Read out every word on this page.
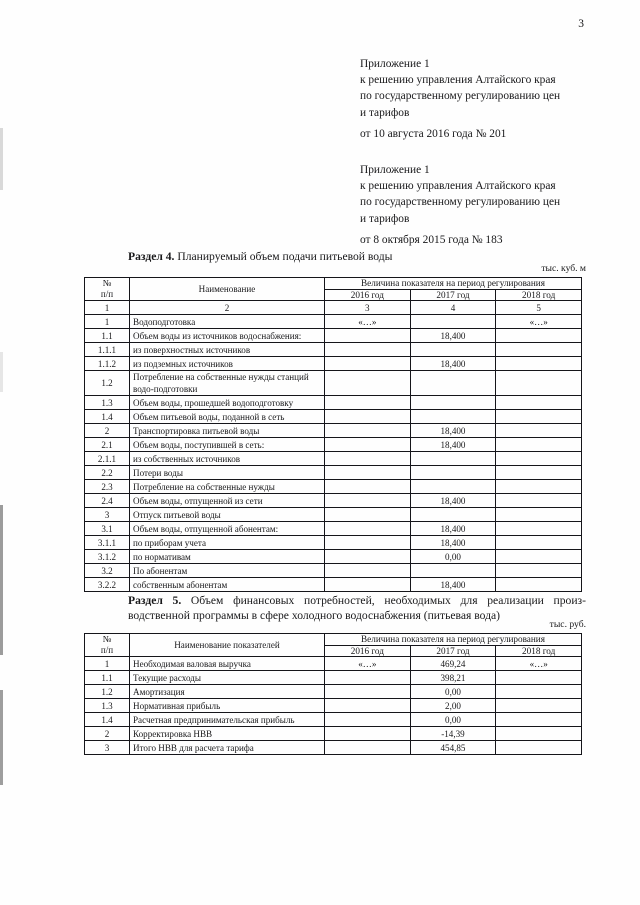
3
Приложение 1
к решению управления Алтайского края
по государственному регулированию цен
и тарифов
от 10 августа 2016 года № 201
Приложение 1
к решению управления Алтайского края
по государственному регулированию цен
и тарифов
от 8 октября 2015 года № 183
Раздел 4. Планируемый объем подачи питьевой воды
тыс. куб. м
№
п/п	Наименование	Величина показателя на период регулирования		
		2016 год	2017 год	2018 год
1	2	3	4	5
1	Водоподготовка	«…»		«…»
1.1	Объем воды из источников водоснабжения:		18,400	
1.1.1	из поверхностных источников			
1.1.2	из подземных источников		18,400	
1.2	Потребление на собственные нужды станций водо-подготовки			
1.3	Объем воды, прошедшей водоподготовку			
1.4	Объем питьевой воды, поданной в сеть			
2	Транспортировка питьевой воды		18,400	
2.1	Объем воды, поступившей в сеть:		18,400	
2.1.1	из собственных источников			
2.2	Потери воды			
2.3	Потребление на собственные нужды			
2.4	Объем воды, отпущенной из сети		18,400	
3	Отпуск питьевой воды			
3.1	Объем воды, отпущенной абонентам:		18,400	
3.1.1	по приборам учета		18,400	
3.1.2	по нормативам		0,00	
3.2	По абонентам			
3.2.2	собственным абонентам		18,400	
Раздел 5. Объем финансовых потребностей, необходимых для реализации произ-водственной программы в сфере холодного водоснабжения (питьевая вода)
тыс. руб.
№
п/п	Наименование показателей	Величина показателя на период регулирования		
		2016 год	2017 год	2018 год
1	Необходимая валовая выручка	«…»	469,24	«…»
1.1	Текущие расходы		398,21	
1.2	Амортизация		0,00	
1.3	Нормативная прибыль		2,00	
1.4	Расчетная предпринимательская прибыль		0,00	
2	Корректировка НВВ		-14,39	
3	Итого НВВ для расчета тарифа		454,85	
